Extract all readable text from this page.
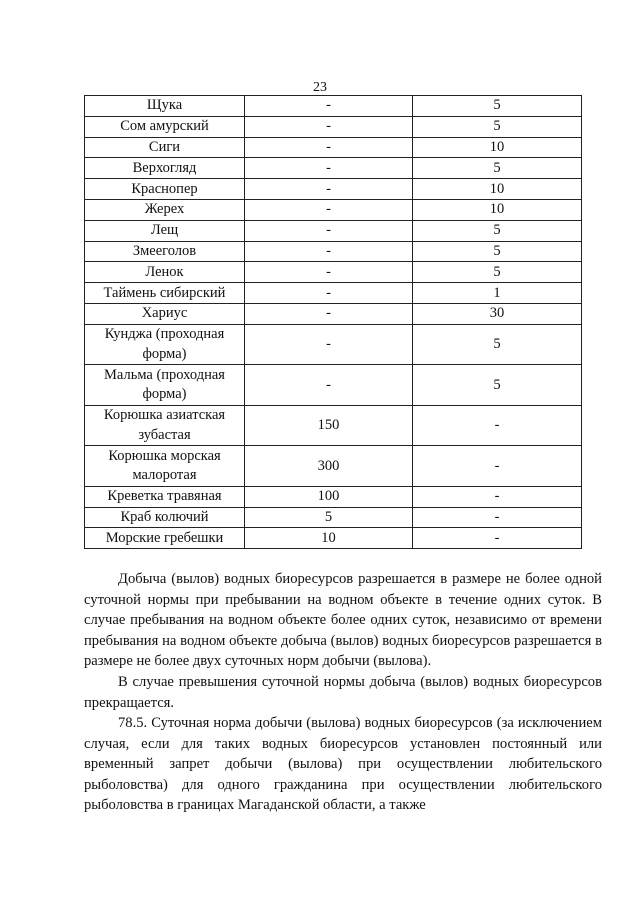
23
Щука	-	5
Сом амурский	-	5
Сиги	-	10
Верхогляд	-	5
Краснопер	-	10
Жерех	-	10
Лещ	-	5
Змееголов	-	5
Ленок	-	5
Таймень сибирский	-	1
Хариус	-	30
Кунджа (проходная форма)	-	5
Мальма (проходная форма)	-	5
Корюшка азиатская зубастая	150	-
Корюшка морская малоротая	300	-
Креветка травяная	100	-
Краб колючий	5	-
Морские гребешки	10	-

Добыча (вылов) водных биоресурсов разрешается в размере не более одной суточной нормы при пребывании на водном объекте в течение одних суток. В случае пребывания на водном объекте более одних суток, независимо от времени пребывания на водном объекте добыча (вылов) водных биоресурсов разрешается в размере не более двух суточных норм добычи (вылова).

В случае превышения суточной нормы добыча (вылов) водных биоресурсов прекращается.

78.5. Суточная норма добычи (вылова) водных биоресурсов (за исключением случая, если для таких водных биоресурсов установлен постоянный или временный запрет добычи (вылова) при осуществлении любительского рыболовства) для одного гражданина при осуществлении любительского рыболовства в границах Магаданской области, а также
